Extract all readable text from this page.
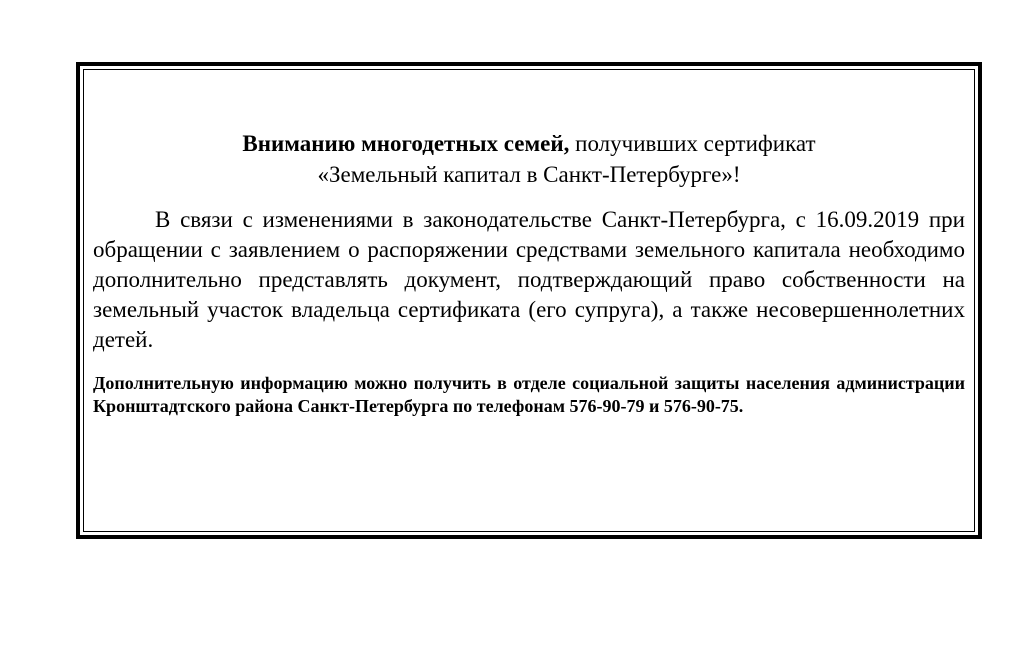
Вниманию многодетных семей, получивших сертификат
«Земельный капитал в Санкт-Петербурге»!

В связи с изменениями в законодательстве Санкт-Петербурга, с 16.09.2019 при обращении с заявлением о распоряжении средствами земельного капитала необходимо дополнительно представлять документ, подтверждающий право собственности на земельный участок владельца сертификата (его супруга), а также несовершеннолетних детей.

Дополнительную информацию можно получить в отделе социальной защиты населения администрации Кронштадтского района Санкт-Петербурга по телефонам 576-90-79 и 576-90-75.
